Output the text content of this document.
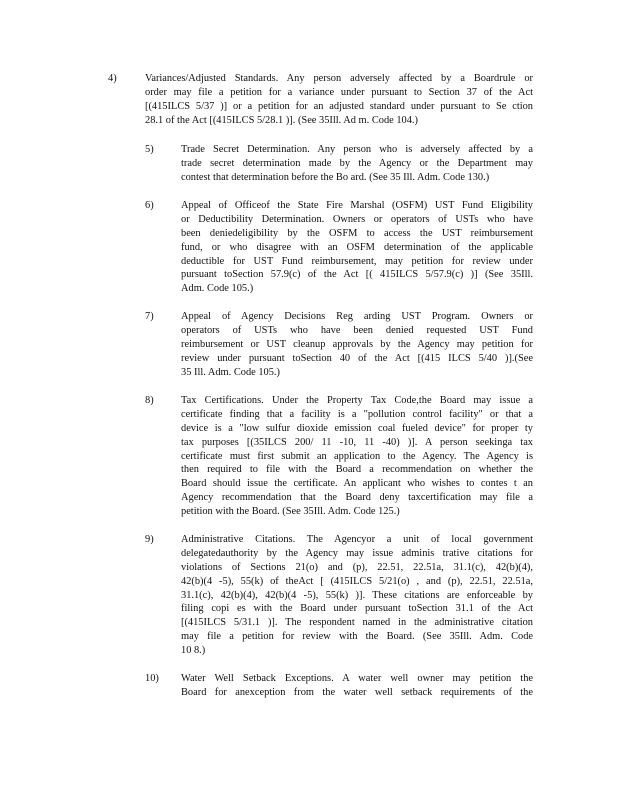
4)	Variances/Adjusted Standards. Any person adversely affected by a Boardrule or
order may file a petition for a variance under pursuant to Section 37 of the Act
[(415ILCS 5/37 )] or a petition for an adjusted standard under pursuant to Se ction
28.1 of the Act [(415ILCS 5/28.1 )]. (See 35Ill. Ad m. Code 104.)
5)	Trade Secret Determination. Any person who is adversely affected by a
trade secret determination made by the Agency or the Department may
contest that determination before the Bo ard. (See 35 Ill. Adm. Code 130.)
6)	Appeal of Officeof the State Fire Marshal (OSFM) UST Fund Eligibility
or Deductibility Determination. Owners or operators of USTs who have
been deniedeligibility by the OSFM to access the UST reimbursement
fund, or who disagree with an OSFM determination of the applicable
deductible for UST Fund reimbursement, may petition for review under
pursuant toSection 57.9(c) of the Act [( 415ILCS 5/57.9(c) )] (See 35Ill.
Adm. Code 105.)
7)	Appeal of Agency Decisions Reg arding UST Program. Owners or
operators of USTs who have been denied requested UST Fund
reimbursement or UST cleanup approvals by the Agency may petition for
review under pursuant toSection 40 of the Act [(415 ILCS 5/40 )].(See
35 Ill. Adm. Code 105.)
8)	Tax Certifications. Under the Property Tax Code,the Board may issue a
certificate finding that a facility is a "pollution control facility" or that a
device is a "low sulfur dioxide emission coal fueled device" for proper ty
tax purposes [(35ILCS 200/ 11 -10, 11 -40) )]. A person seekinga tax
certificate must first submit an application to the Agency. The Agency is
then required to file with the Board a recommendation on whether the
Board should issue the certificate. An applicant who wishes to contes t an
Agency recommendation that the Board deny taxcertification may file a
petition with the Board. (See 35Ill. Adm. Code 125.)
9)	Administrative Citations. The Agencyor a unit of local government
delegatedauthority by the Agency may issue adminis trative citations for
violations of Sections 21(o) and (p), 22.51, 22.51a, 31.1(c), 42(b)(4),
42(b)(4 -5), 55(k) of theAct [ (415ILCS 5/21(o) , and (p), 22.51, 22.51a,
31.1(c), 42(b)(4), 42(b)(4 -5), 55(k) )]. These citations are enforceable by
filing copi es with the Board under pursuant toSection 31.1 of the Act
[(415ILCS 5/31.1 )]. The respondent named in the administrative citation
may file a petition for review with the Board. (See 35Ill. Adm. Code
10 8.)
10)	Water Well Setback Exceptions. A water well owner may petition the
Board for anexception from the water well setback requirements of the
